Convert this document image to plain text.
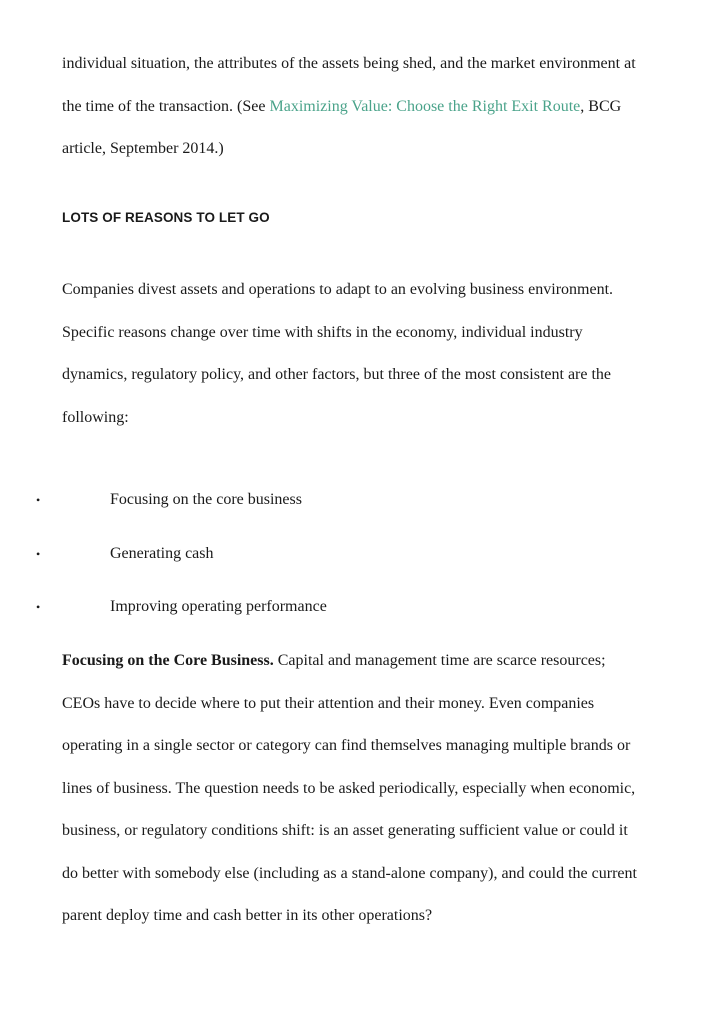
individual situation, the attributes of the assets being shed, and the market environment at the time of the transaction. (See Maximizing Value: Choose the Right Exit Route, BCG article, September 2014.)

LOTS OF REASONS TO LET GO

Companies divest assets and operations to adapt to an evolving business environment. Specific reasons change over time with shifts in the economy, individual industry dynamics, regulatory policy, and other factors, but three of the most consistent are the following:

•	Focusing on the core business
•	Generating cash
•	Improving operating performance

Focusing on the Core Business. Capital and management time are scarce resources; CEOs have to decide where to put their attention and their money. Even companies operating in a single sector or category can find themselves managing multiple brands or lines of business. The question needs to be asked periodically, especially when economic, business, or regulatory conditions shift: is an asset generating sufficient value or could it do better with somebody else (including as a stand-alone company), and could the current parent deploy time and cash better in its other operations?
